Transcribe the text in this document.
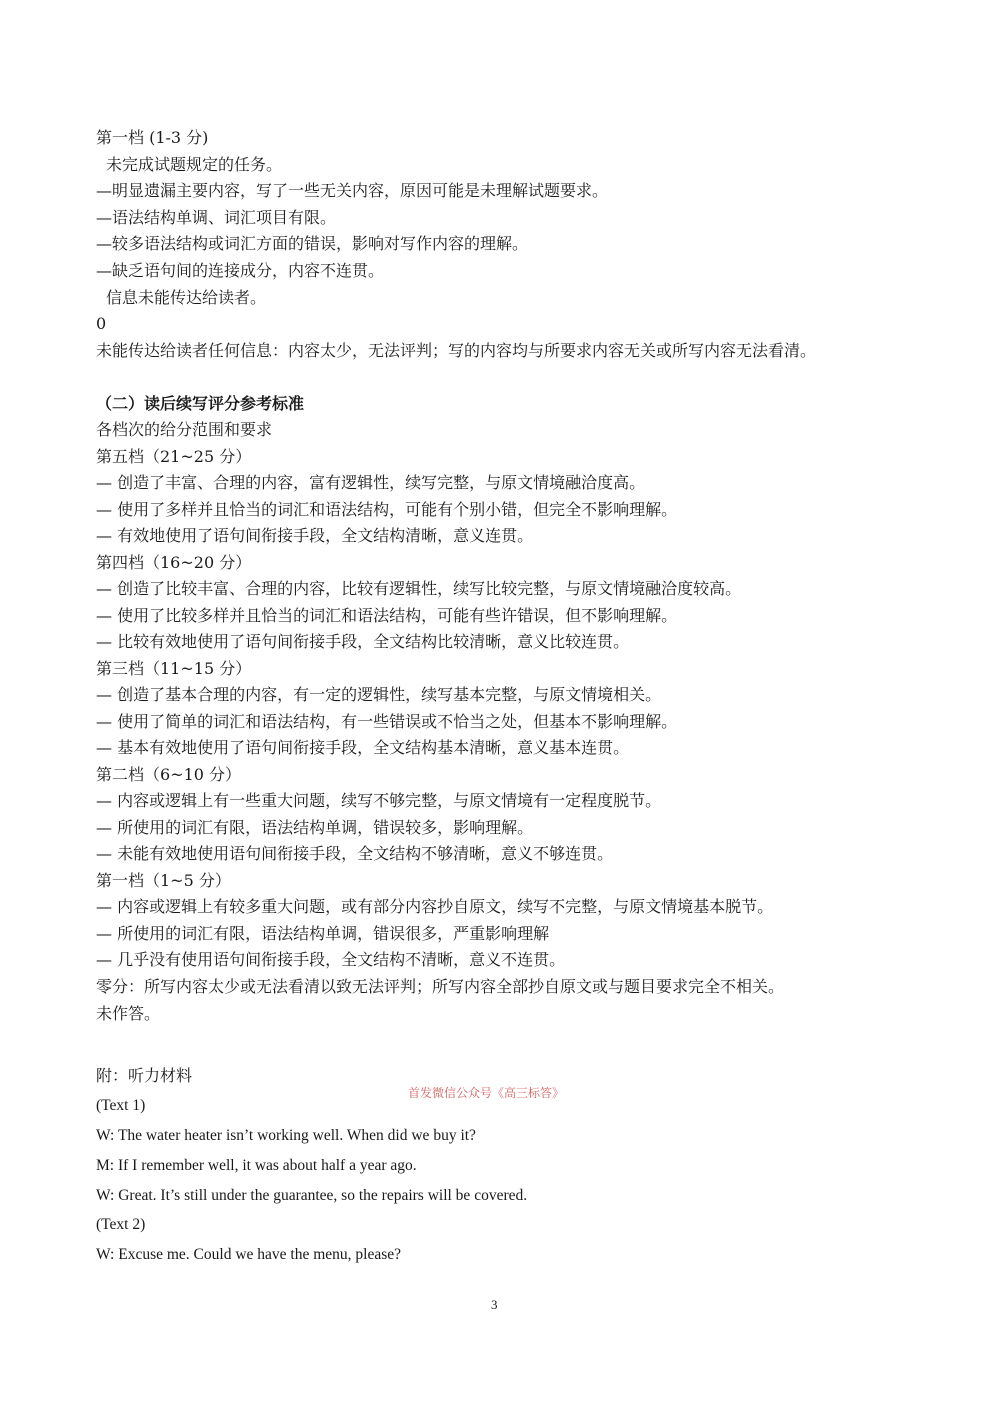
第一档 (1-3 分)
未完成试题规定的任务。
—明显遗漏主要内容，写了一些无关内容，原因可能是未理解试题要求。
—语法结构单调、词汇项目有限。
—较多语法结构或词汇方面的错误，影响对写作内容的理解。
—缺乏语句间的连接成分，内容不连贯。
信息未能传达给读者。
0
未能传达给读者任何信息：内容太少，无法评判；写的内容均与所要求内容无关或所写内容无法看清。
（二）读后续写评分参考标准
各档次的给分范围和要求
第五档（21~25 分）
— 创造了丰富、合理的内容，富有逻辑性，续写完整，与原文情境融洽度高。
— 使用了多样并且恰当的词汇和语法结构，可能有个别小错，但完全不影响理解。
— 有效地使用了语句间衔接手段，全文结构清晰，意义连贯。
第四档（16~20 分）
— 创造了比较丰富、合理的内容，比较有逻辑性，续写比较完整，与原文情境融洽度较高。
— 使用了比较多样并且恰当的词汇和语法结构，可能有些许错误，但不影响理解。
— 比较有效地使用了语句间衔接手段，全文结构比较清晰，意义比较连贯。
第三档（11~15 分）
— 创造了基本合理的内容，有一定的逻辑性，续写基本完整，与原文情境相关。
— 使用了简单的词汇和语法结构，有一些错误或不恰当之处，但基本不影响理解。
— 基本有效地使用了语句间衔接手段，全文结构基本清晰，意义基本连贯。
第二档（6~10 分）
— 内容或逻辑上有一些重大问题，续写不够完整，与原文情境有一定程度脱节。
— 所使用的词汇有限，语法结构单调，错误较多，影响理解。
— 未能有效地使用语句间衔接手段，全文结构不够清晰，意义不够连贯。
第一档（1~5 分）
— 内容或逻辑上有较多重大问题，或有部分内容抄自原文，续写不完整，与原文情境基本脱节。
— 所使用的词汇有限，语法结构单调，错误很多，严重影响理解
— 几乎没有使用语句间衔接手段，全文结构不清晰，意义不连贯。
零分：所写内容太少或无法看清以致无法评判；所写内容全部抄自原文或与题目要求完全不相关。
未作答。
附：听力材料
首发微信公众号《高三标答》
(Text 1)
W: The water heater isn’t working well. When did we buy it?
M: If I remember well, it was about half a year ago.
W: Great. It’s still under the guarantee, so the repairs will be covered.
(Text 2)
W: Excuse me. Could we have the menu, please?
3
